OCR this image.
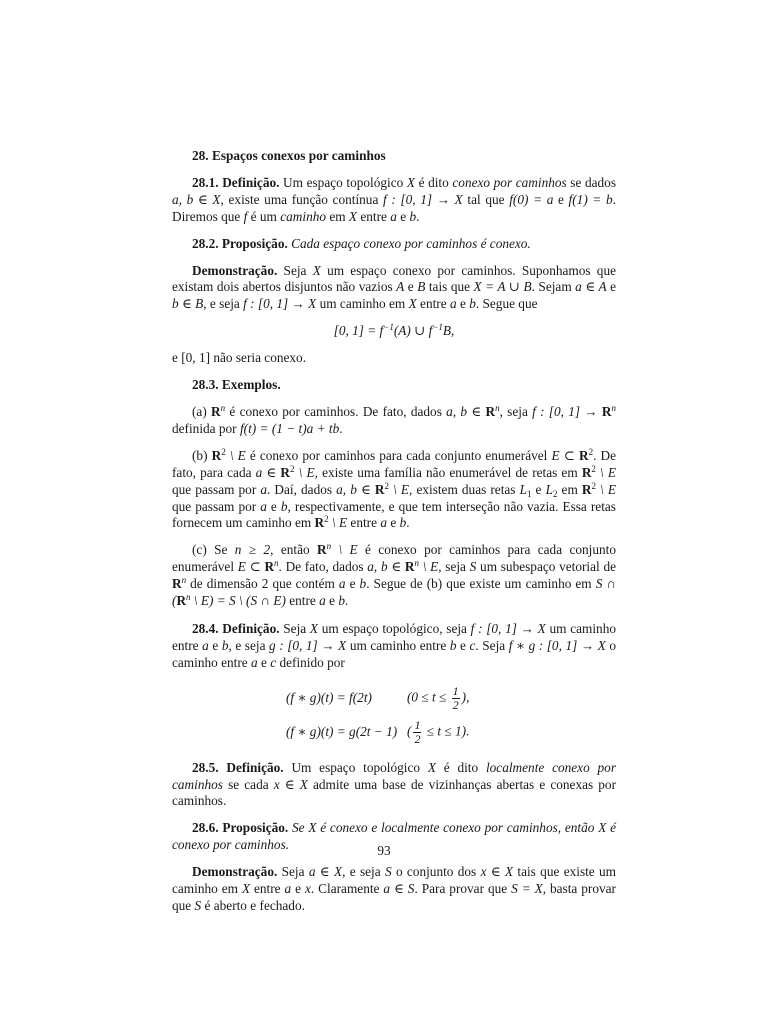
28. Espaços conexos por caminhos

28.1. Definição. Um espaço topológico X é dito conexo por caminhos se dados a, b ∈ X, existe uma função contínua f : [0, 1] → X tal que f(0) = a e f(1) = b. Diremos que f é um caminho em X entre a e b.

28.2. Proposição. Cada espaço conexo por caminhos é conexo.

Demonstração. Seja X um espaço conexo por caminhos. Suponhamos que existam dois abertos disjuntos não vazios A e B tais que X = A ∪ B. Sejam a ∈ A e b ∈ B, e seja f : [0, 1] → X um caminho em X entre a e b. Segue que

[0, $1] = f^{-1}(A)$ ∪ $f^{-1}B$,

e [0, 1] não seria conexo.

28.3. Exemplos.

(a) $R^n$ é conexo por caminhos. De fato, dados a, b ∈ $R^n$, seja f : [0, $1] \to R^n$ definida por f(t) = (1 − t)a + tb.

(b) $R^2$ \ E é conexo por caminhos para cada conjunto enumerável E ⊂ $R^2$. De fato, para cada a ∈ $R^2$ \ E, existe uma família não enumerável de retas em $R^2$ \ E que passam por a. Daí, dados a, b ∈ $R^2$ \ E, existem duas retas $L_1$ e $L_2$ em $R^2$ \ E que passam por a e b, respectivamente, e que tem interseção não vazia. Essa retas fornecem um caminho em $R^2$ \ E entre a e b.

(c) Se n ≥ 2, então $R^n$ \ E é conexo por caminhos para cada conjunto enumerável E ⊂ $R^n$. De fato, dados a, b ∈ $R^n$ \ E, seja S um subespaço vetorial de $R^n$ de dimensão 2 que contém a e b. Segue de (b) que existe um caminho em S ∩ ($R^n$ \ E) = S \ (S ∩ E) entre a e b.

28.4. Definição. Seja X um espaço topológico, seja f : [0, 1] → X um caminho entre a e b, e seja g : [0, 1] → X um caminho entre b e c. Seja f ∗ g : [0, 1] → X o caminho entre a e c definido por

(f ∗ g)(t) = f(2t)	($0 \le t \le \frac{1}{2}$ ),
(f ∗ g)(t) = g(2t − 1) ( $\frac{1}{2} \le t \le 1$).

28.5. Definição. Um espaço topológico X é dito localmente conexo por caminhos se cada x ∈ X admite uma base de vizinhanças abertas e conexas por caminhos.

28.6. Proposição. Se X é conexo e localmente conexo por caminhos, então X é conexo por caminhos.

Demonstração. Seja a ∈ X, e seja S o conjunto dos x ∈ X tais que existe um caminho em X entre a e x. Claramente a ∈ S. Para provar que S = X, basta provar que S é aberto e fechado.

93
